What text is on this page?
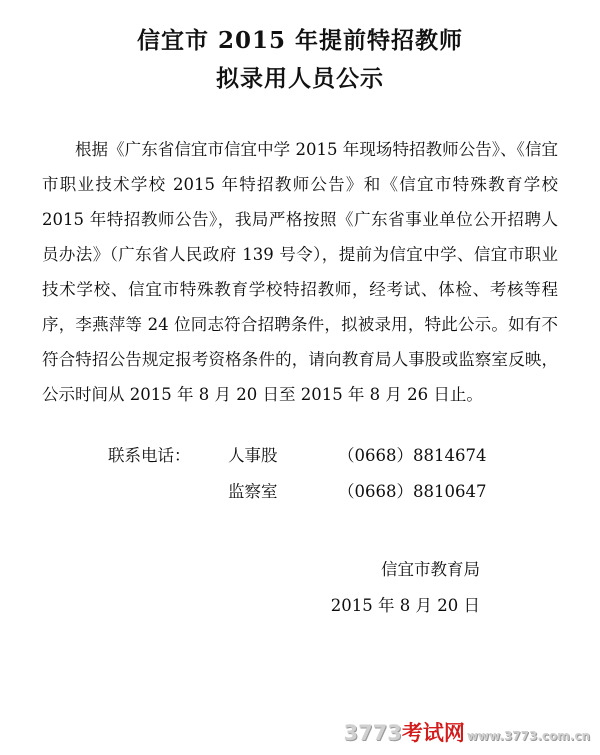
信宜市 2015 年提前特招教师
拟录用人员公示

根据《广东省信宜市信宜中学 2015 年现场特招教师公告》、《信宜市职业技术学校 2015 年特招教师公告》和《信宜市特殊教育学校 2015 年特招教师公告》，我局严格按照《广东省事业单位公开招聘人员办法》（广东省人民政府 139 号令），提前为信宜中学、信宜市职业技术学校、信宜市特殊教育学校特招教师，经考试、体检、考核等程序，李燕萍等 24 位同志符合招聘条件，拟被录用，特此公示。如有不符合特招公告规定报考资格条件的，请向教育局人事股或监察室反映，公示时间从 2015 年 8 月 20 日至 2015 年 8 月 26 日止。

联系电话： 人事股	（0668）8814674
监察室	（0668）8810647
信宜市教育局
2015 年 8 月 20 日
3773考试网 www.3773.com.cn
